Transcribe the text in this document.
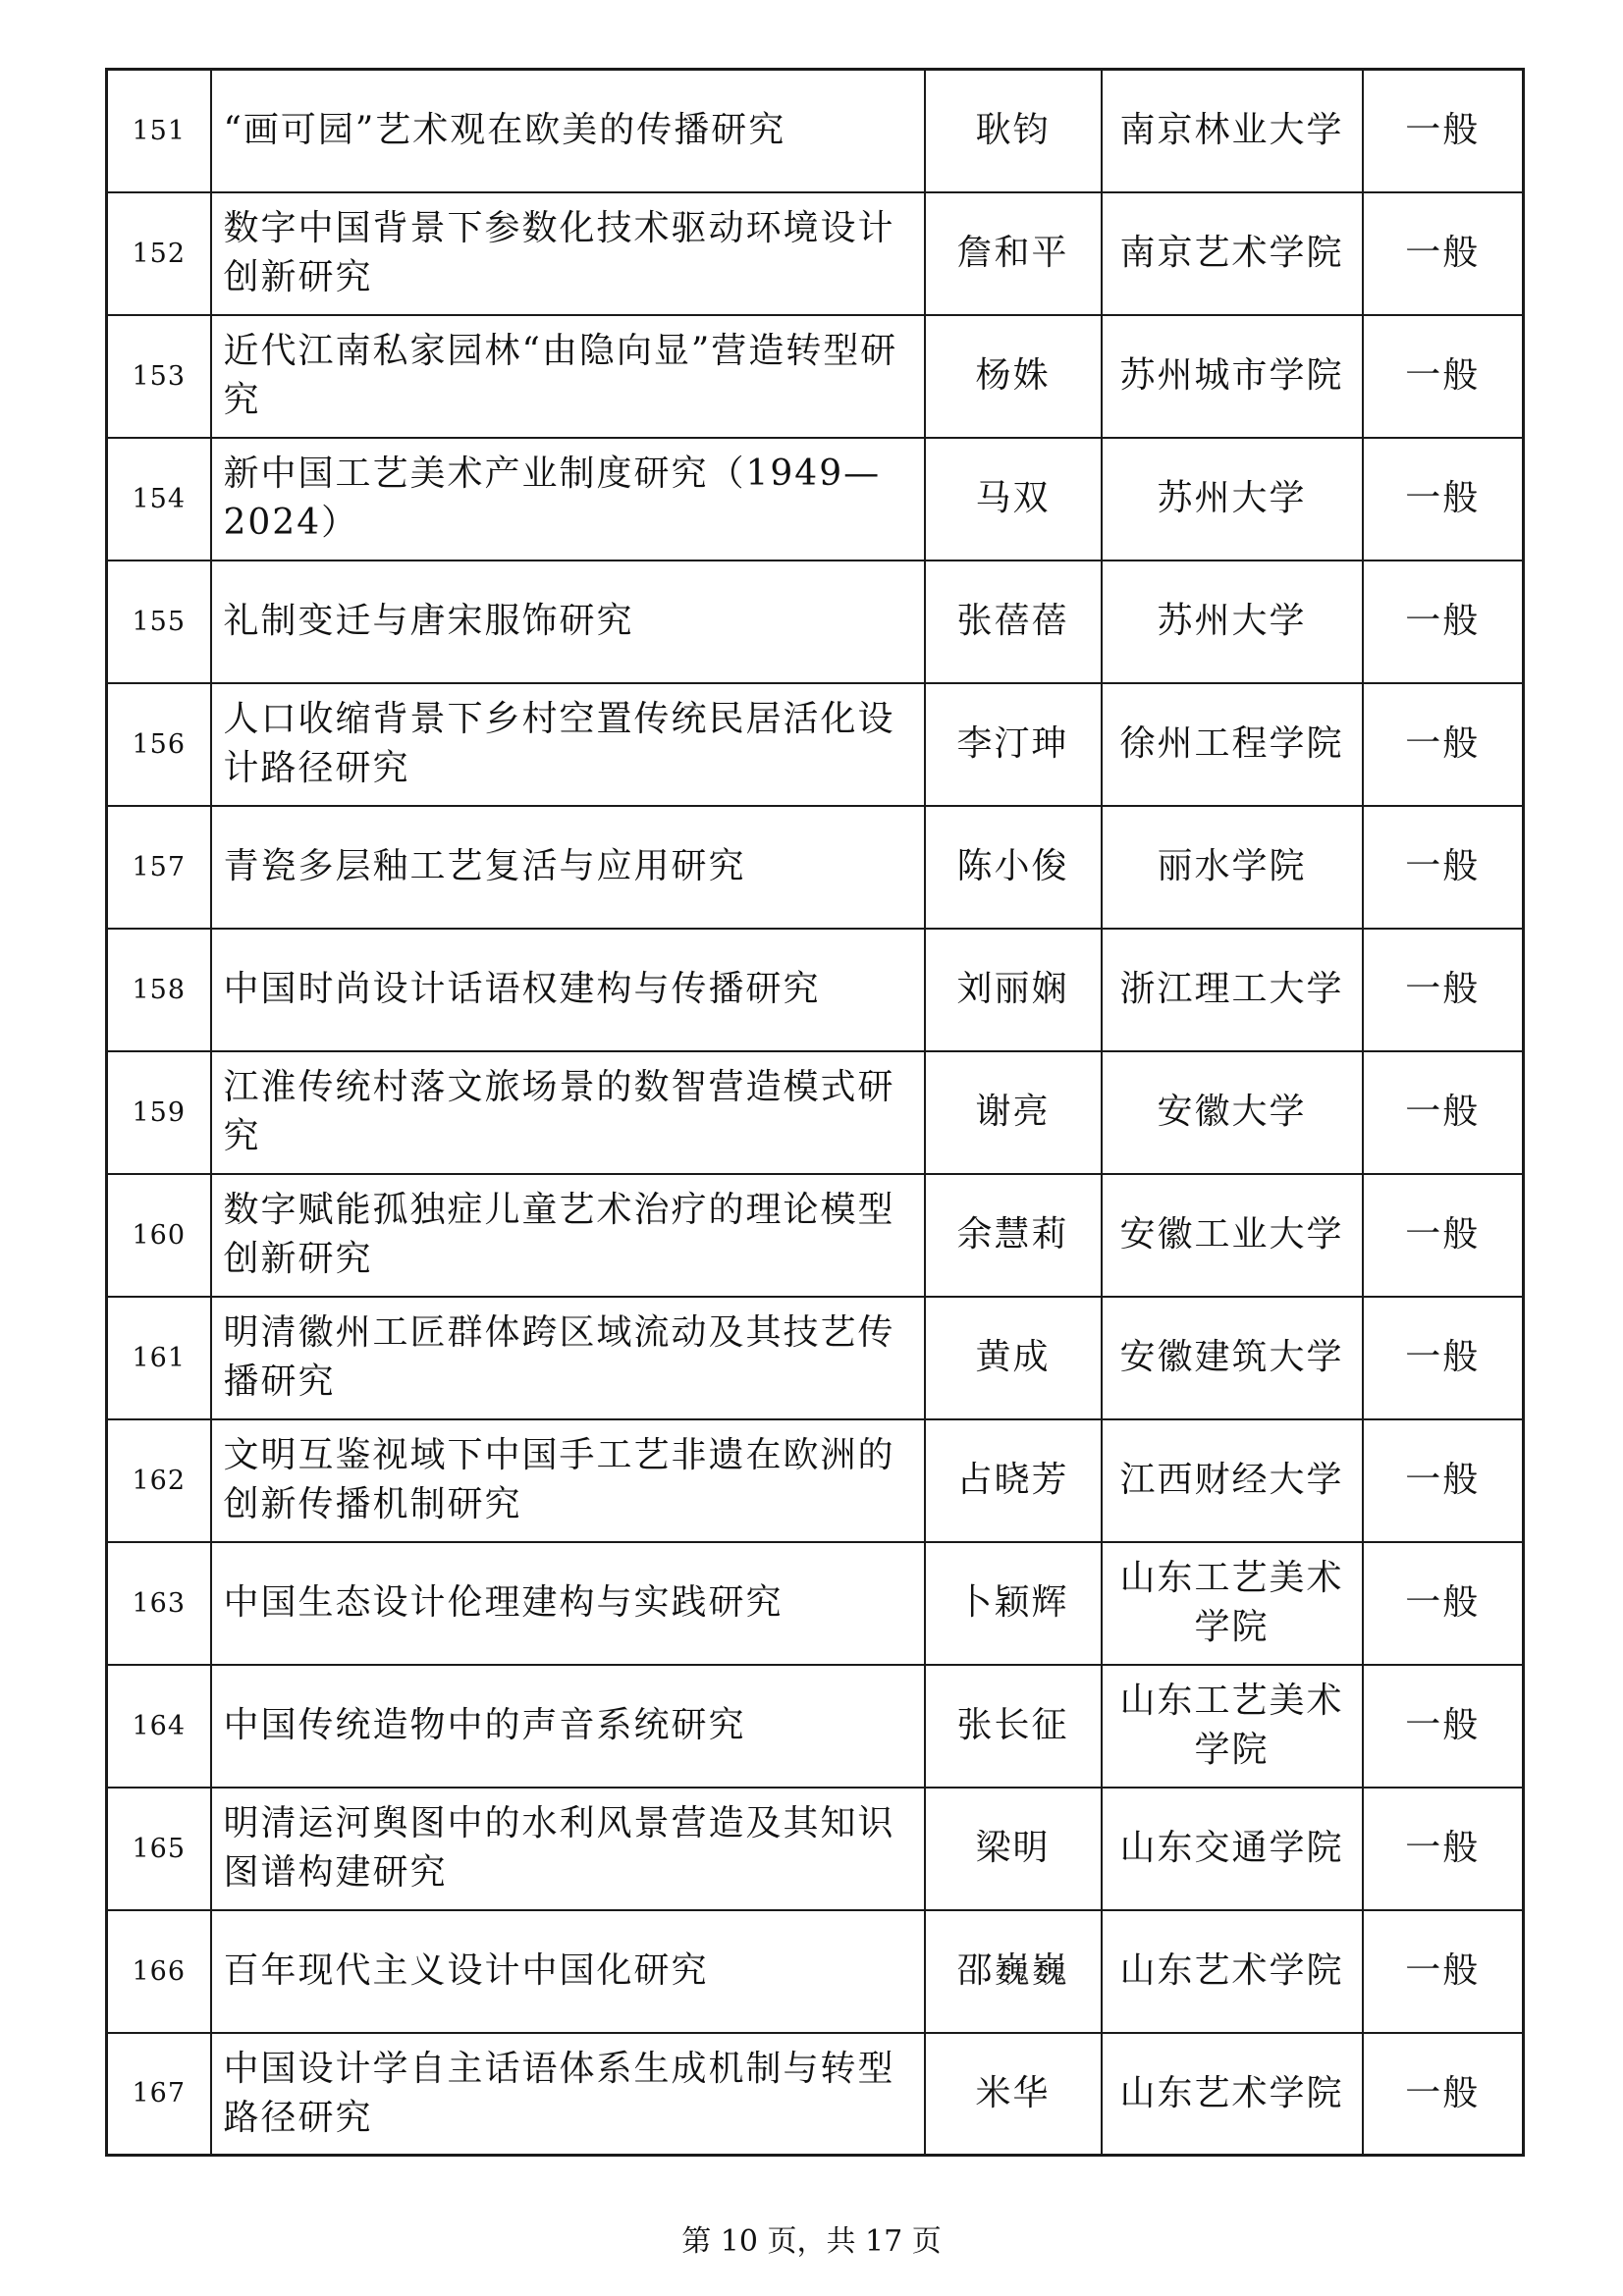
151	“画可园”艺术观在欧美的传播研究	耿钧	南京林业大学	一般
152	数字中国背景下参数化技术驱动环境设计创新研究	詹和平	南京艺术学院	一般
153	近代江南私家园林“由隐向显”营造转型研究	杨姝	苏州城市学院	一般
154	新中国工艺美术产业制度研究（1949—2024）	马双	苏州大学	一般
155	礼制变迁与唐宋服饰研究	张蓓蓓	苏州大学	一般
156	人口收缩背景下乡村空置传统民居活化设计路径研究	李汀珅	徐州工程学院	一般
157	青瓷多层釉工艺复活与应用研究	陈小俊	丽水学院	一般
158	中国时尚设计话语权建构与传播研究	刘丽娴	浙江理工大学	一般
159	江淮传统村落文旅场景的数智营造模式研究	谢亮	安徽大学	一般
160	数字赋能孤独症儿童艺术治疗的理论模型创新研究	余慧莉	安徽工业大学	一般
161	明清徽州工匠群体跨区域流动及其技艺传播研究	黄成	安徽建筑大学	一般
162	文明互鉴视域下中国手工艺非遗在欧洲的创新传播机制研究	占晓芳	江西财经大学	一般
163	中国生态设计伦理建构与实践研究	卜颖辉	山东工艺美术学院	一般
164	中国传统造物中的声音系统研究	张长征	山东工艺美术学院	一般
165	明清运河舆图中的水利风景营造及其知识图谱构建研究	梁明	山东交通学院	一般
166	百年现代主义设计中国化研究	邵巍巍	山东艺术学院	一般
167	中国设计学自主话语体系生成机制与转型路径研究	米华	山东艺术学院	一般
第 10 页，共 17 页
